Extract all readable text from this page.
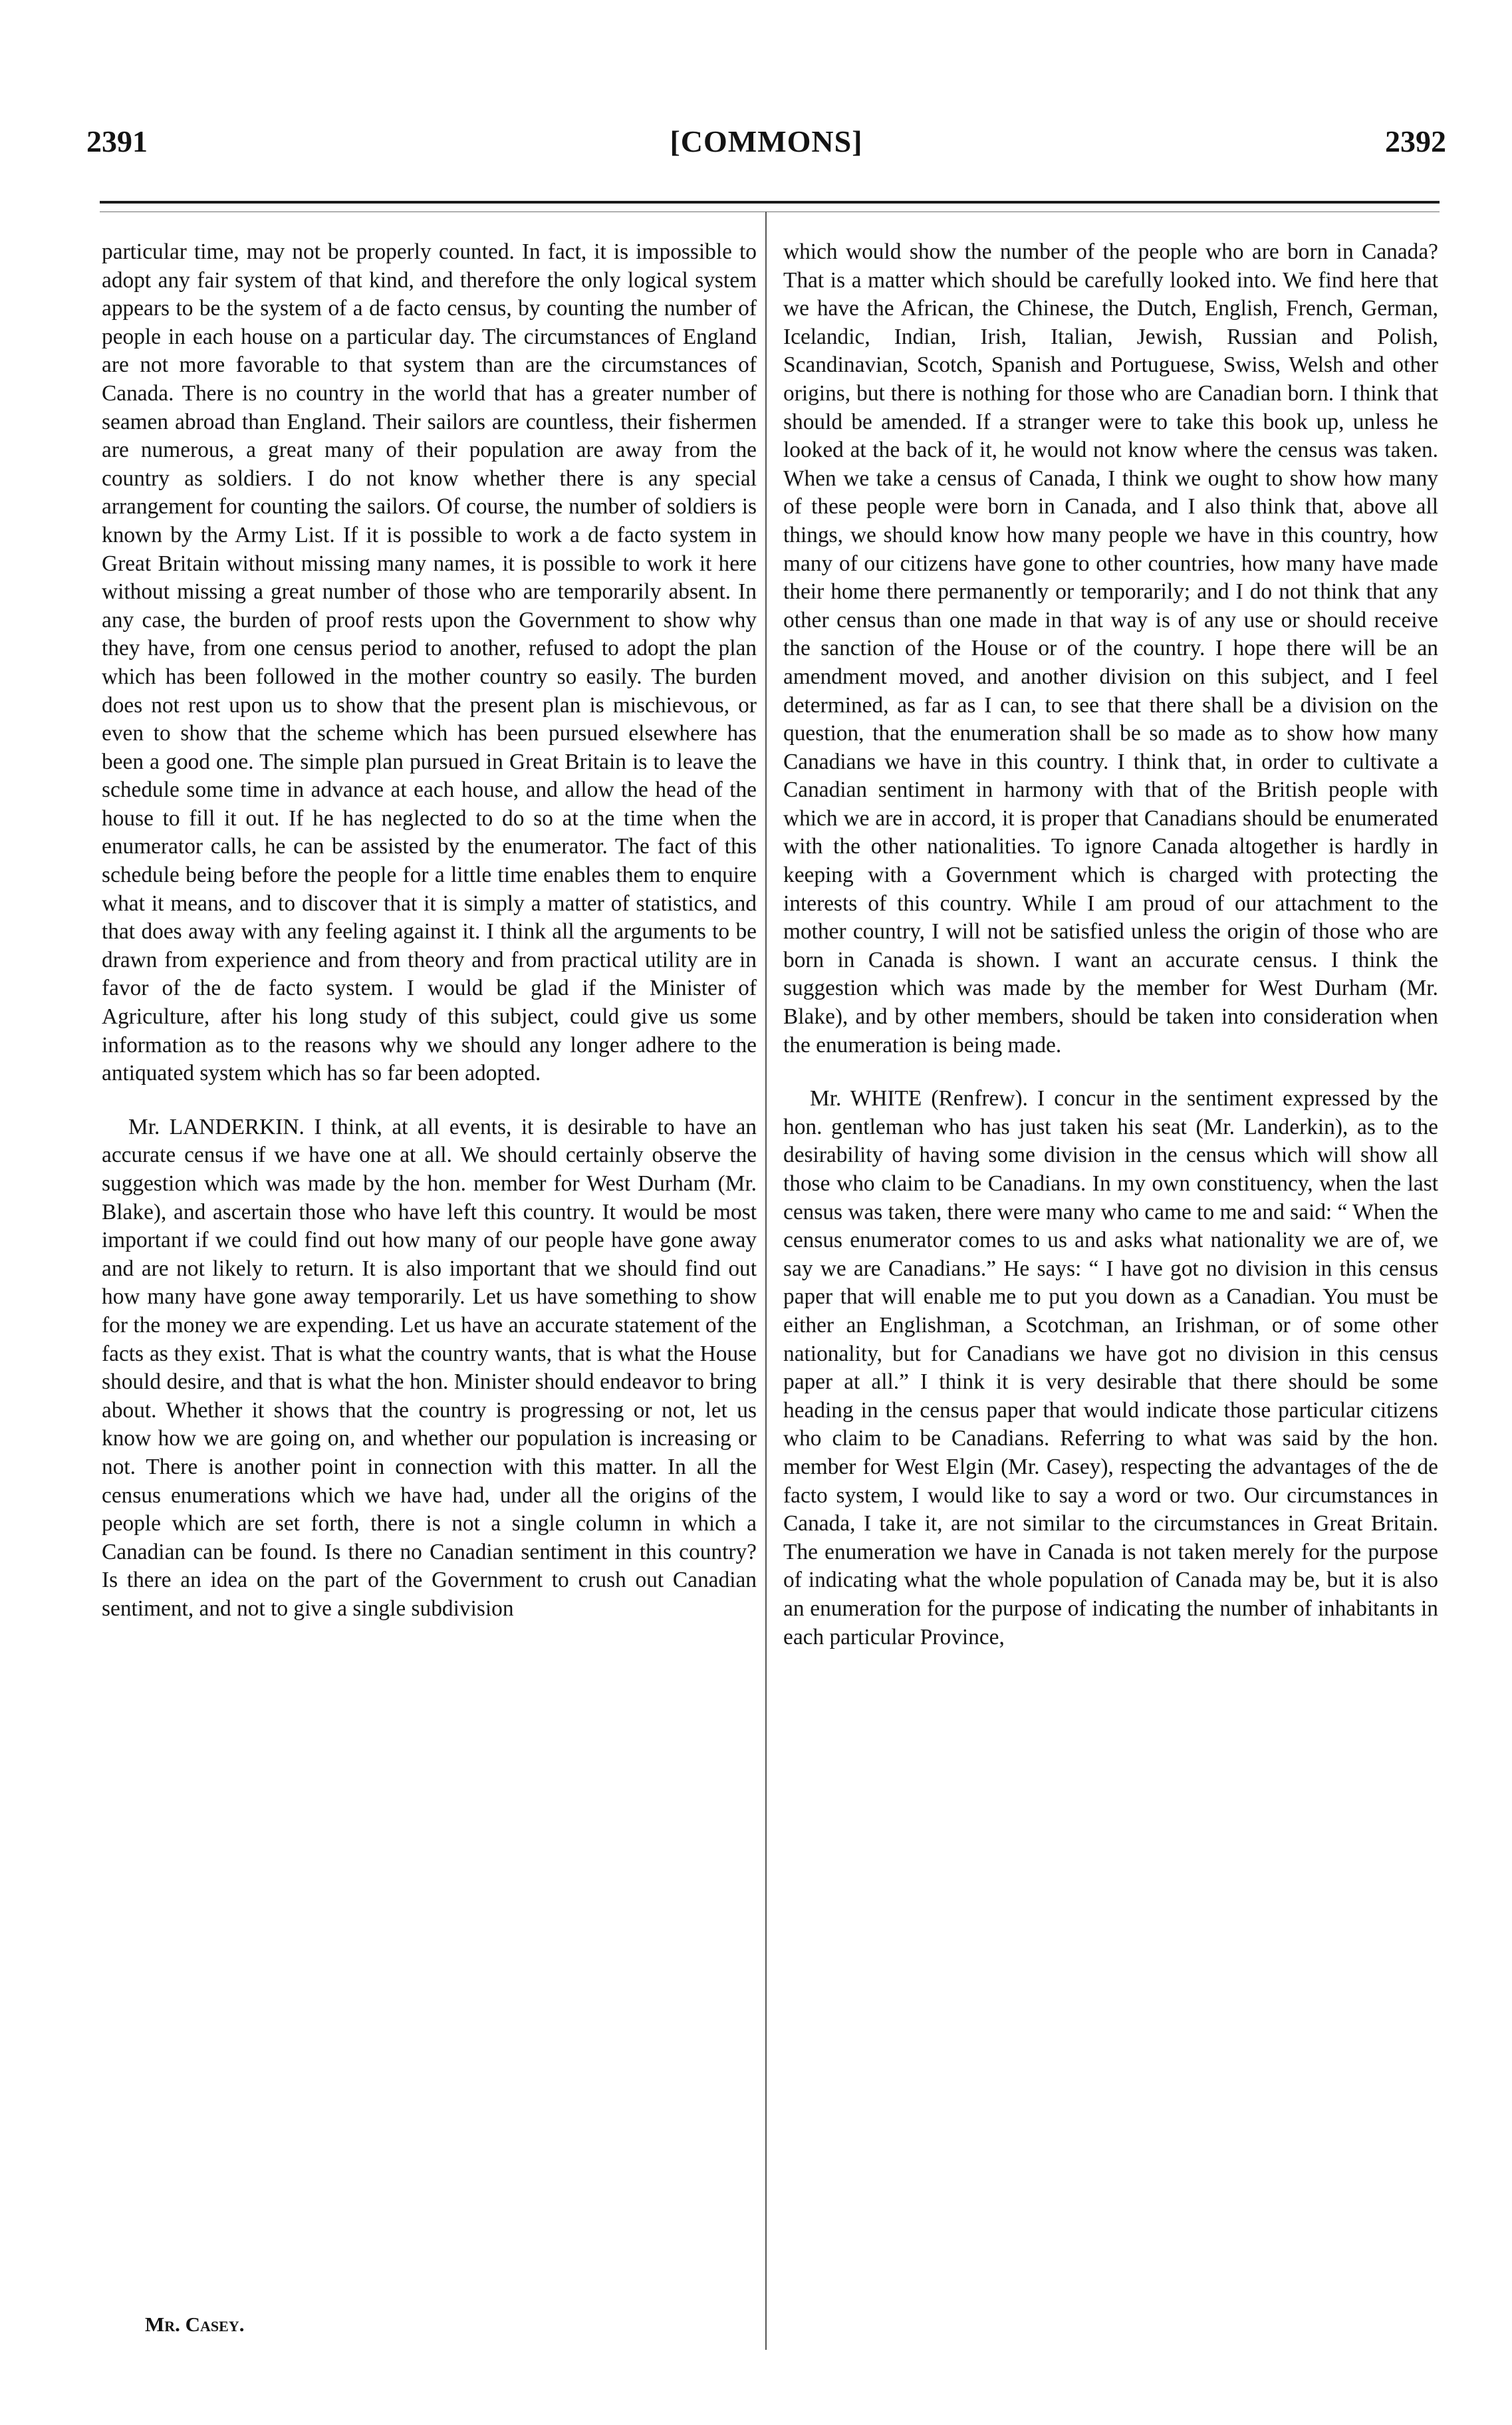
2391	[COMMONS]	2392

particular time, may not be properly counted. In fact, it is impossible to adopt any fair system of that kind, and therefore the only logical system appears to be the system of a de facto census, by counting the number of people in each house on a particular day. The circumstances of England are not more favorable to that system than are the circumstances of Canada. There is no country in the world that has a greater number of seamen abroad than England. Their sailors are countless, their fishermen are numerous, a great many of their population are away from the country as soldiers. I do not know whether there is any special arrangement for counting the sailors. Of course, the number of soldiers is known by the Army List. If it is possible to work a de facto system in Great Britain without missing many names, it is possible to work it here without missing a great number of those who are temporarily absent. In any case, the burden of proof rests upon the Government to show why they have, from one census period to another, refused to adopt the plan which has been followed in the mother country so easily. The burden does not rest upon us to show that the present plan is mischievous, or even to show that the scheme which has been pursued elsewhere has been a good one. The simple plan pursued in Great Britain is to leave the schedule some time in advance at each house, and allow the head of the house to fill it out. If he has neglected to do so at the time when the enumerator calls, he can be assisted by the enumerator. The fact of this schedule being before the people for a little time enables them to enquire what it means, and to discover that it is simply a matter of statistics, and that does away with any feeling against it. I think all the arguments to be drawn from experience and from theory and from practical utility are in favor of the de facto system. I would be glad if the Minister of Agriculture, after his long study of this subject, could give us some information as to the reasons why we should any longer adhere to the antiquated system which has so far been adopted.

Mr. LANDERKIN. I think, at all events, it is desirable to have an accurate census if we have one at all. We should certainly observe the suggestion which was made by the hon. member for West Durham (Mr. Blake), and ascertain those who have left this country. It would be most important if we could find out how many of our people have gone away and are not likely to return. It is also important that we should find out how many have gone away temporarily. Let us have something to show for the money we are expending. Let us have an accurate statement of the facts as they exist. That is what the country wants, that is what the House should desire, and that is what the hon. Minister should endeavor to bring about. Whether it shows that the country is progressing or not, let us know how we are going on, and whether our population is increasing or not. There is another point in connection with this matter. In all the census enumerations which we have had, under all the origins of the people which are set forth, there is not a single column in which a Canadian can be found. Is there no Canadian sentiment in this country? Is there an idea on the part of the Government to crush out Canadian sentiment, and not to give a single subdivision

which would show the number of the people who are born in Canada? That is a matter which should be carefully looked into. We find here that we have the African, the Chinese, the Dutch, English, French, German, Icelandic, Indian, Irish, Italian, Jewish, Russian and Polish, Scandinavian, Scotch, Spanish and Portuguese, Swiss, Welsh and other origins, but there is nothing for those who are Canadian born. I think that should be amended. If a stranger were to take this book up, unless he looked at the back of it, he would not know where the census was taken. When we take a census of Canada, I think we ought to show how many of these people were born in Canada, and I also think that, above all things, we should know how many people we have in this country, how many of our citizens have gone to other countries, how many have made their home there permanently or temporarily; and I do not think that any other census than one made in that way is of any use or should receive the sanction of the House or of the country. I hope there will be an amendment moved, and another division on this subject, and I feel determined, as far as I can, to see that there shall be a division on the question, that the enumeration shall be so made as to show how many Canadians we have in this country. I think that, in order to cultivate a Canadian sentiment in harmony with that of the British people with which we are in accord, it is proper that Canadians should be enumerated with the other nationalities. To ignore Canada altogether is hardly in keeping with a Government which is charged with protecting the interests of this country. While I am proud of our attachment to the mother country, I will not be satisfied unless the origin of those who are born in Canada is shown. I want an accurate census. I think the suggestion which was made by the member for West Durham (Mr. Blake), and by other members, should be taken into consideration when the enumeration is being made.

Mr. WHITE (Renfrew). I concur in the sentiment expressed by the hon. gentleman who has just taken his seat (Mr. Landerkin), as to the desirability of having some division in the census which will show all those who claim to be Canadians. In my own constituency, when the last census was taken, there were many who came to me and said: “ When the census enumerator comes to us and asks what nationality we are of, we say we are Canadians.” He says: “ I have got no division in this census paper that will enable me to put you down as a Canadian. You must be either an Englishman, a Scotchman, an Irishman, or of some other nationality, but for Canadians we have got no division in this census paper at all.” I think it is very desirable that there should be some heading in the census paper that would indicate those particular citizens who claim to be Canadians. Referring to what was said by the hon. member for West Elgin (Mr. Casey), respecting the advantages of the de facto system, I would like to say a word or two. Our circumstances in Canada, I take it, are not similar to the circumstances in Great Britain. The enumeration we have in Canada is not taken merely for the purpose of indicating what the whole population of Canada may be, but it is also an enumeration for the purpose of indicating the number of inhabitants in each particular Province,

Mr. Casey.
